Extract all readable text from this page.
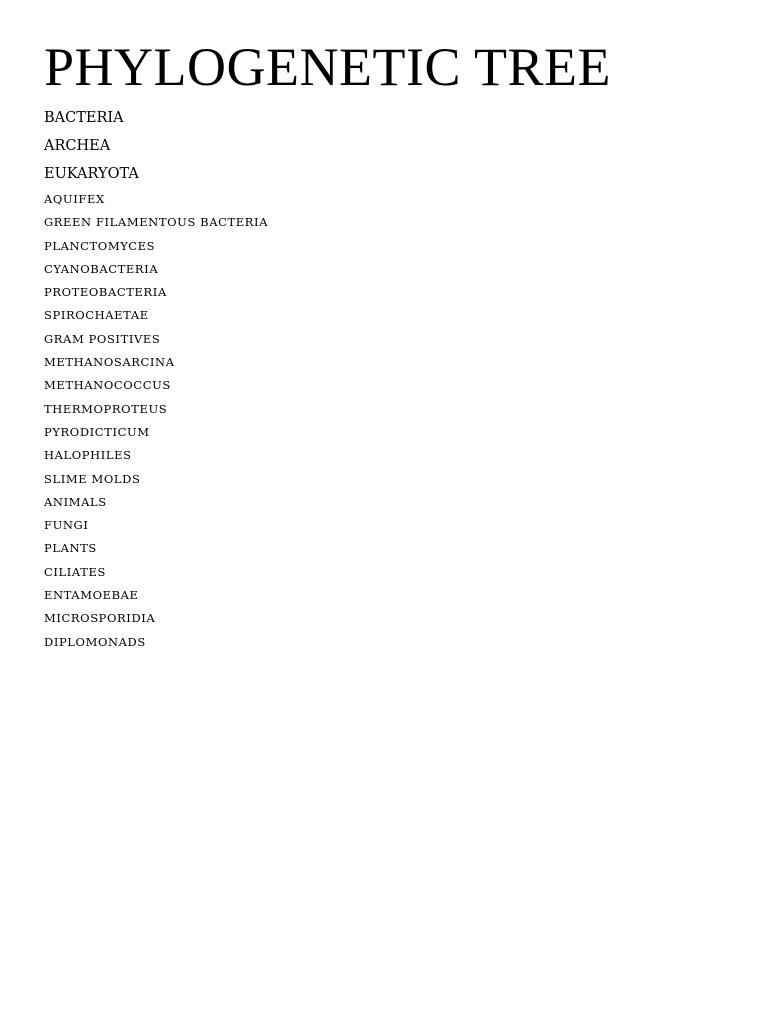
PHYLOGENETIC TREE
BACTERIA
ARCHEA
EUKARYOTA
AQUIFEX
GREEN FILAMENTOUS BACTERIA
PLANCTOMYCES
CYANOBACTERIA
PROTEOBACTERIA
SPIROCHAETAE
GRAM POSITIVES
METHANOSARCINA
METHANOCOCCUS
THERMOPROTEUS
PYRODICTICUM
HALOPHILES
SLIME MOLDS
ANIMALS
FUNGI
PLANTS
CILIATES
ENTAMOEBAE
MICROSPORIDIA
DIPLOMONADS
